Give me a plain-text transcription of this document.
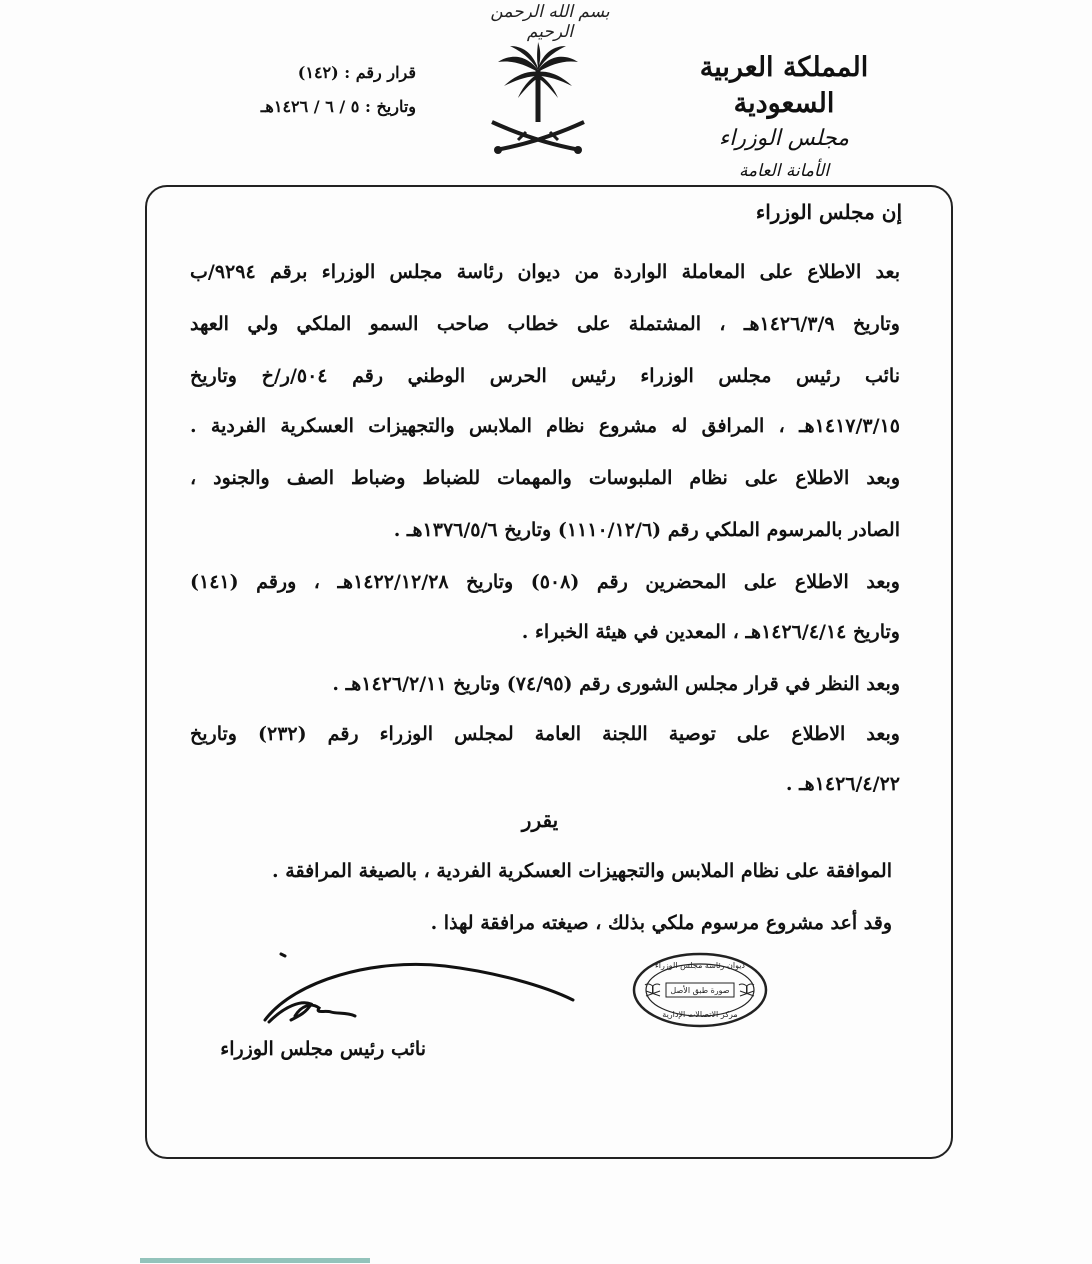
بسم الله الرحمن الرحيم
المملكة العربية السعودية
مجلس الوزراء
الأمانة العامة
قرار رقم : (١٤٢)
وتاريخ : ٥ / ٦ / ١٤٢٦هـ
إن مجلس الوزراء
بعد الاطلاع على المعاملة الواردة من ديوان رئاسة مجلس الوزراء برقم ٩٢٩٤/ب
وتاريخ ١٤٢٦/٣/٩هـ ، المشتملة على خطاب صاحب السمو الملكي ولي العهد
نائب رئيس مجلس الوزراء رئيس الحرس الوطني رقم ٥٠٤/ر/خ وتاريخ
١٤١٧/٣/١٥هـ ، المرافق له مشروع نظام الملابس والتجهيزات العسكرية الفردية .
وبعد الاطلاع على نظام الملبوسات والمهمات للضباط وضباط الصف والجنود ،
الصادر بالمرسوم الملكي رقم (١١١٠/١٢/٦) وتاريخ ١٣٧٦/٥/٦هـ .
وبعد الاطلاع على المحضرين رقم (٥٠٨) وتاريخ ١٤٢٢/١٢/٢٨هـ ، ورقم (١٤١)
وتاريخ ١٤٢٦/٤/١٤هـ ، المعدين في هيئة الخبراء .
وبعد النظر في قرار مجلس الشورى رقم (٧٤/٩٥) وتاريخ ١٤٢٦/٢/١١هـ .
وبعد الاطلاع على توصية اللجنة العامة لمجلس الوزراء رقم (٢٣٢) وتاريخ
١٤٢٦/٤/٢٢هـ .
يقرر
الموافقة على نظام الملابس والتجهيزات العسكرية الفردية ، بالصيغة المرافقة .
وقد أعد مشروع مرسوم ملكي بذلك ، صيغته مرافقة لهذا .
نائب رئيس مجلس الوزراء
ديوان رئاسة مجلس الوزراء
صورة طبق الأصل
مركز الاتصالات الإدارية
